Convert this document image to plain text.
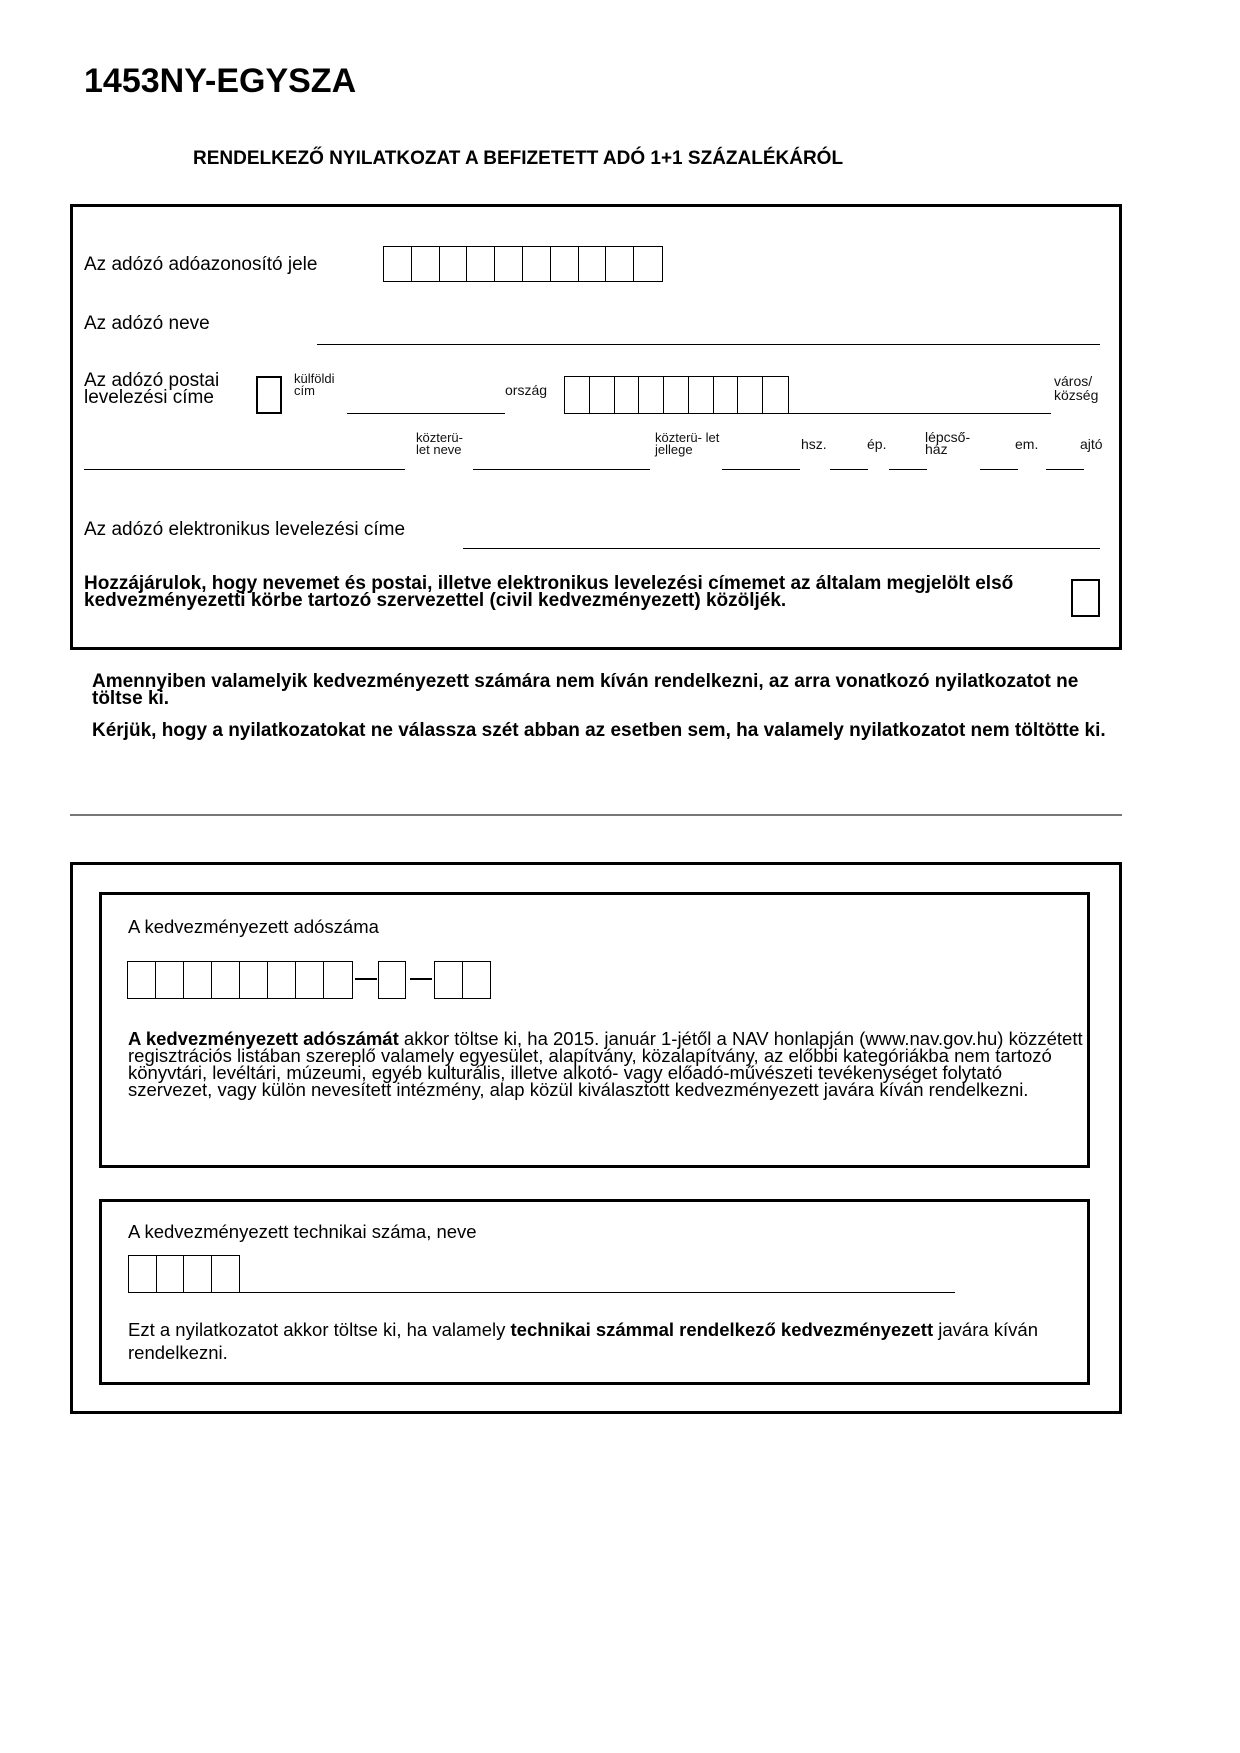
1453NY-EGYSZA
RENDELKEZŐ NYILATKOZAT A BEFIZETETT ADÓ 1+1 SZÁZALÉKÁRÓL
Az adózó adóazonosító jele
Az adózó neve
Az adózó postai levelezési címe
külföldi cím	ország
város/ község
közterü- let neve
közterü- let jellege	hsz.	ép.	lépcső- ház	em.	ajtó
Az adózó elektronikus levelezési címe
Hozzájárulok, hogy nevemet és postai, illetve elektronikus levelezési címemet az általam megjelölt első kedvezményezetti körbe tartozó szervezettel (civil kedvezményezett) közöljék.
Amennyiben valamelyik kedvezményezett számára nem kíván rendelkezni, az arra vonatkozó nyilatkozatot ne töltse ki.
Kérjük, hogy a nyilatkozatokat ne válassza szét abban az esetben sem, ha valamely nyilatkozatot nem töltötte ki.
A kedvezményezett adószáma
A kedvezményezett adószámát akkor töltse ki, ha 2015. január 1-jétől a NAV honlapján (www.nav.gov.hu) közzétett regisztrációs listában szereplő valamely egyesület, alapítvány, közalapítvány, az előbbi kategóriákba nem tartozó könyvtári, levéltári, múzeumi, egyéb kulturális, illetve alkotó- vagy előadó-művészeti tevékenységet folytató szervezet, vagy külön nevesített intézmény, alap közül kiválasztott kedvezményezett javára kíván rendelkezni.
A kedvezményezett technikai száma, neve
Ezt a nyilatkozatot akkor töltse ki, ha valamely technikai számmal rendelkező kedvezményezett javára kíván rendelkezni.
